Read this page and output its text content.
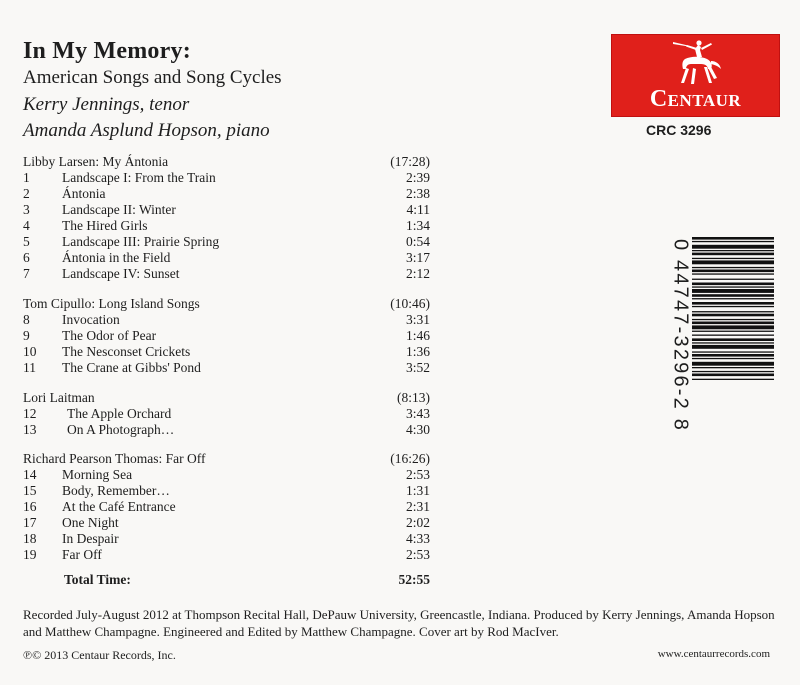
In My Memory:
American Songs and Song Cycles
Kerry Jennings, tenor
Amanda Asplund Hopson, piano
Centaur
CRC 3296
0 44747-3296-2 8
Libby Larsen: My Ántonia	(17:28)
1 Landscape I: From the Train	2:39
2 Ántonia	2:38
3 Landscape II: Winter	4:11
4 The Hired Girls	1:34
5 Landscape III: Prairie Spring	0:54
6 Ántonia in the Field	3:17
7 Landscape IV: Sunset	2:12
Tom Cipullo: Long Island Songs	(10:46)
8 Invocation	3:31
9 The Odor of Pear	1:46
10 The Nesconset Crickets	1:36
11 The Crane at Gibbs' Pond	3:52
Lori Laitman	(8:13)
12 The Apple Orchard	3:43
13 On A Photograph…	4:30
Richard Pearson Thomas: Far Off	(16:26)
14 Morning Sea	2:53
15 Body, Remember…	1:31
16 At the Café Entrance	2:31
17 One Night	2:02
18 In Despair	4:33
19 Far Off	2:53
Total Time:	52:55
Recorded July-August 2012 at Thompson Recital Hall, DePauw University, Greencastle, Indiana. Produced by Kerry Jennings, Amanda Hopson and Matthew Champagne. Engineered and Edited by Matthew Champagne. Cover art by Rod MacIver.
℗© 2013 Centaur Records, Inc.	www.centaurrecords.com
